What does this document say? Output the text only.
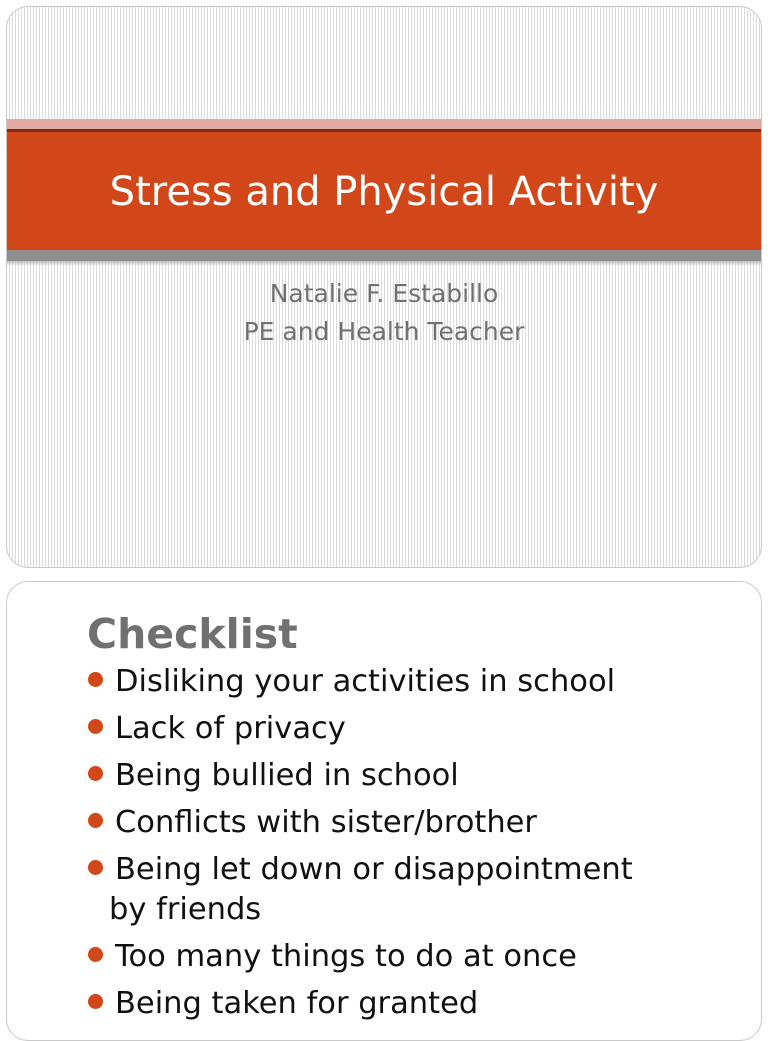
Stress and Physical Activity
Natalie F. Estabillo
PE and Health Teacher
Checklist
Disliking your activities in school
Lack of privacy
Being bullied in school
Conflicts with sister/brother
Being let down or disappointment
by friends
Too many things to do at once
Being taken for granted
